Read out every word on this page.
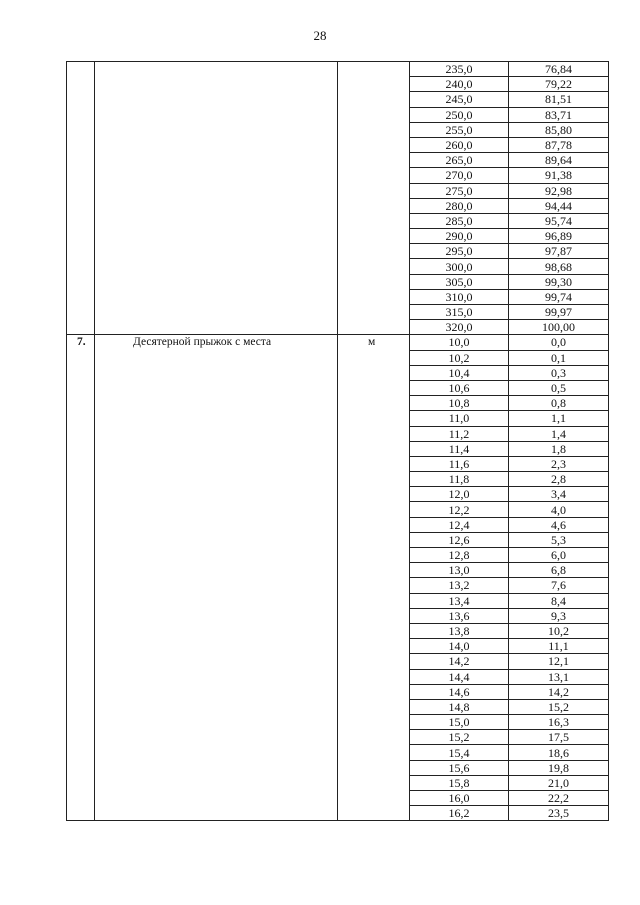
28
			235,0	76,84
			240,0	79,22
			245,0	81,51
			250,0	83,71
			255,0	85,80
			260,0	87,78
			265,0	89,64
			270,0	91,38
			275,0	92,98
			280,0	94,44
			285,0	95,74
			290,0	96,89
			295,0	97,87
			300,0	98,68
			305,0	99,30
			310,0	99,74
			315,0	99,97
			320,0	100,00
7.	Десятерной прыжок с места	м	10,0	0,0
			10,2	0,1
			10,4	0,3
			10,6	0,5
			10,8	0,8
			11,0	1,1
			11,2	1,4
			11,4	1,8
			11,6	2,3
			11,8	2,8
			12,0	3,4
			12,2	4,0
			12,4	4,6
			12,6	5,3
			12,8	6,0
			13,0	6,8
			13,2	7,6
			13,4	8,4
			13,6	9,3
			13,8	10,2
			14,0	11,1
			14,2	12,1
			14,4	13,1
			14,6	14,2
			14,8	15,2
			15,0	16,3
			15,2	17,5
			15,4	18,6
			15,6	19,8
			15,8	21,0
			16,0	22,2
			16,2	23,5
